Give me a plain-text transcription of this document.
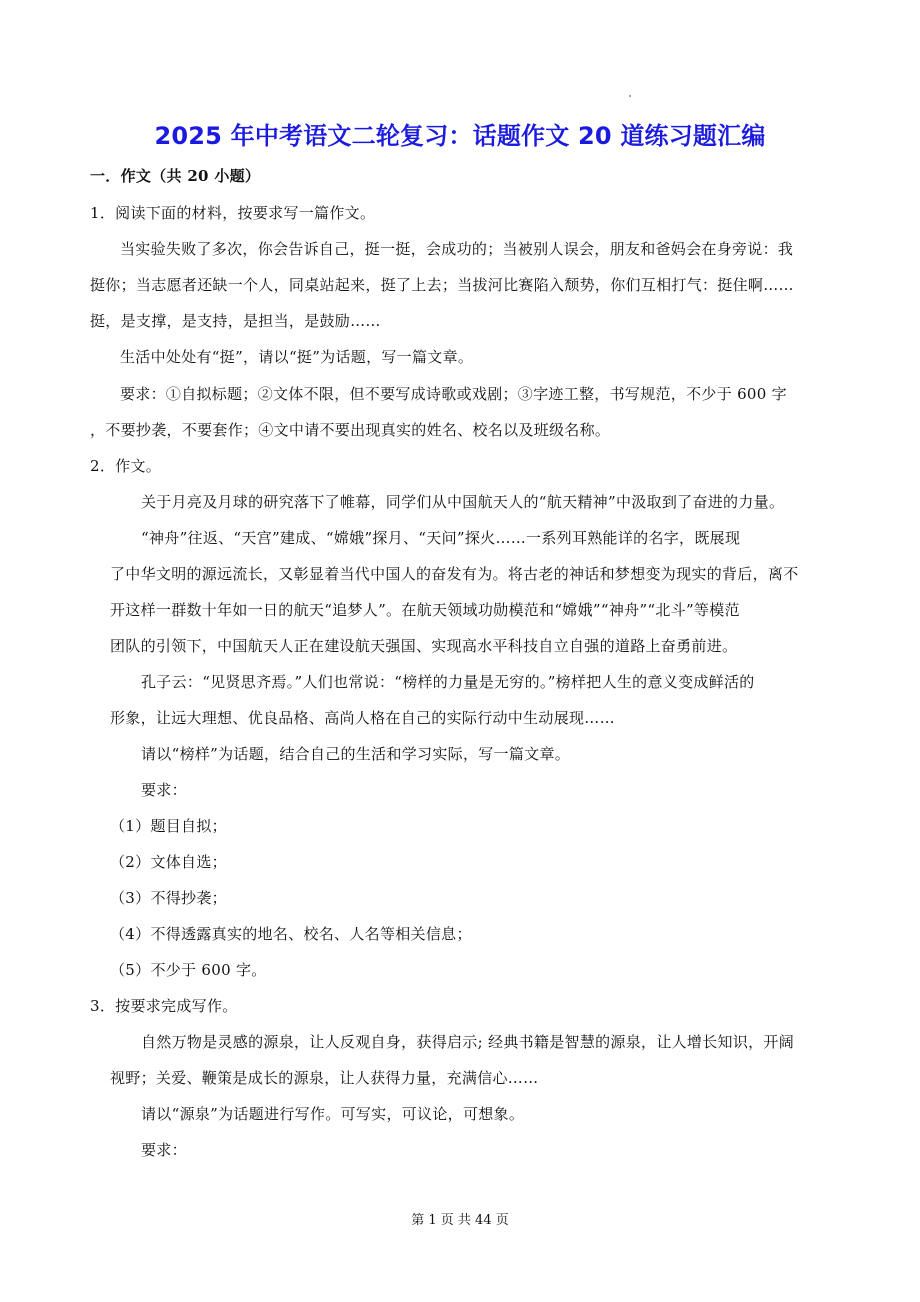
2025 年中考语文二轮复习：话题作文 20 道练习题汇编
一．作文（共 20 小题）
1．阅读下面的材料，按要求写一篇作文。
当实验失败了多次，你会告诉自己，挺一挺，会成功的；当被别人误会，朋友和爸妈会在身旁说：我
挺你；当志愿者还缺一个人，同桌站起来，挺了上去；当拔河比赛陷入颓势，你们互相打气：挺住啊……
挺，是支撑，是支持，是担当，是鼓励……
生活中处处有“挺”，请以“挺”为话题，写一篇文章。
要求：①自拟标题；②文体不限，但不要写成诗歌或戏剧；③字迹工整，书写规范，不少于 600 字
，不要抄袭，不要套作；④文中请不要出现真实的姓名、校名以及班级名称。
2．作文。
关于月亮及月球的研究落下了帷幕，同学们从中国航天人的“航天精神”中汲取到了奋进的力量。
“神舟”往返、“天宫”建成、“嫦娥”探月、“天问”探火……一系列耳熟能详的名字，既展现
了中华文明的源远流长，又彰显着当代中国人的奋发有为。将古老的神话和梦想变为现实的背后，离不
开这样一群数十年如一日的航天“追梦人”。在航天领域功勋模范和“嫦娥”“神舟”“北斗”等模范
团队的引领下，中国航天人正在建设航天强国、实现高水平科技自立自强的道路上奋勇前进。
孔子云：“见贤思齐焉。”人们也常说：“榜样的力量是无穷的。”榜样把人生的意义变成鲜活的
形象，让远大理想、优良品格、高尚人格在自己的实际行动中生动展现……
请以“榜样”为话题，结合自己的生活和学习实际，写一篇文章。
要求：
（1）题目自拟；
（2）文体自选；
（3）不得抄袭；
（4）不得透露真实的地名、校名、人名等相关信息；
（5）不少于 600 字。
3．按要求完成写作。
自然万物是灵感的源泉，让人反观自身，获得启示; 经典书籍是智慧的源泉，让人增长知识，开阔
视野；关爱、鞭策是成长的源泉，让人获得力量，充满信心……
请以“源泉”为话题进行写作。可写实，可议论，可想象。
要求：
第 1 页 共 44 页
